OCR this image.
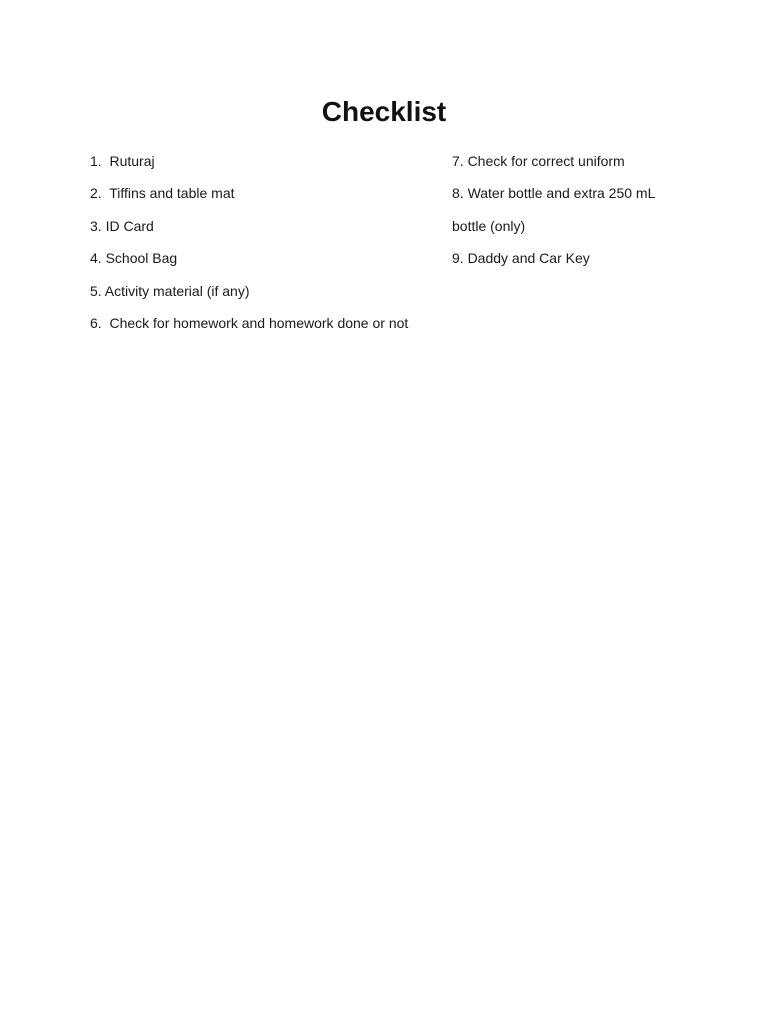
Checklist
1.  Ruturaj
2.  Tiffins and table mat
3. ID Card
4. School Bag
5. Activity material (if any)
6.  Check for homework and homework done or not
7. Check for correct uniform
8. Water bottle and extra 250 mL bottle (only)
9. Daddy and Car Key
